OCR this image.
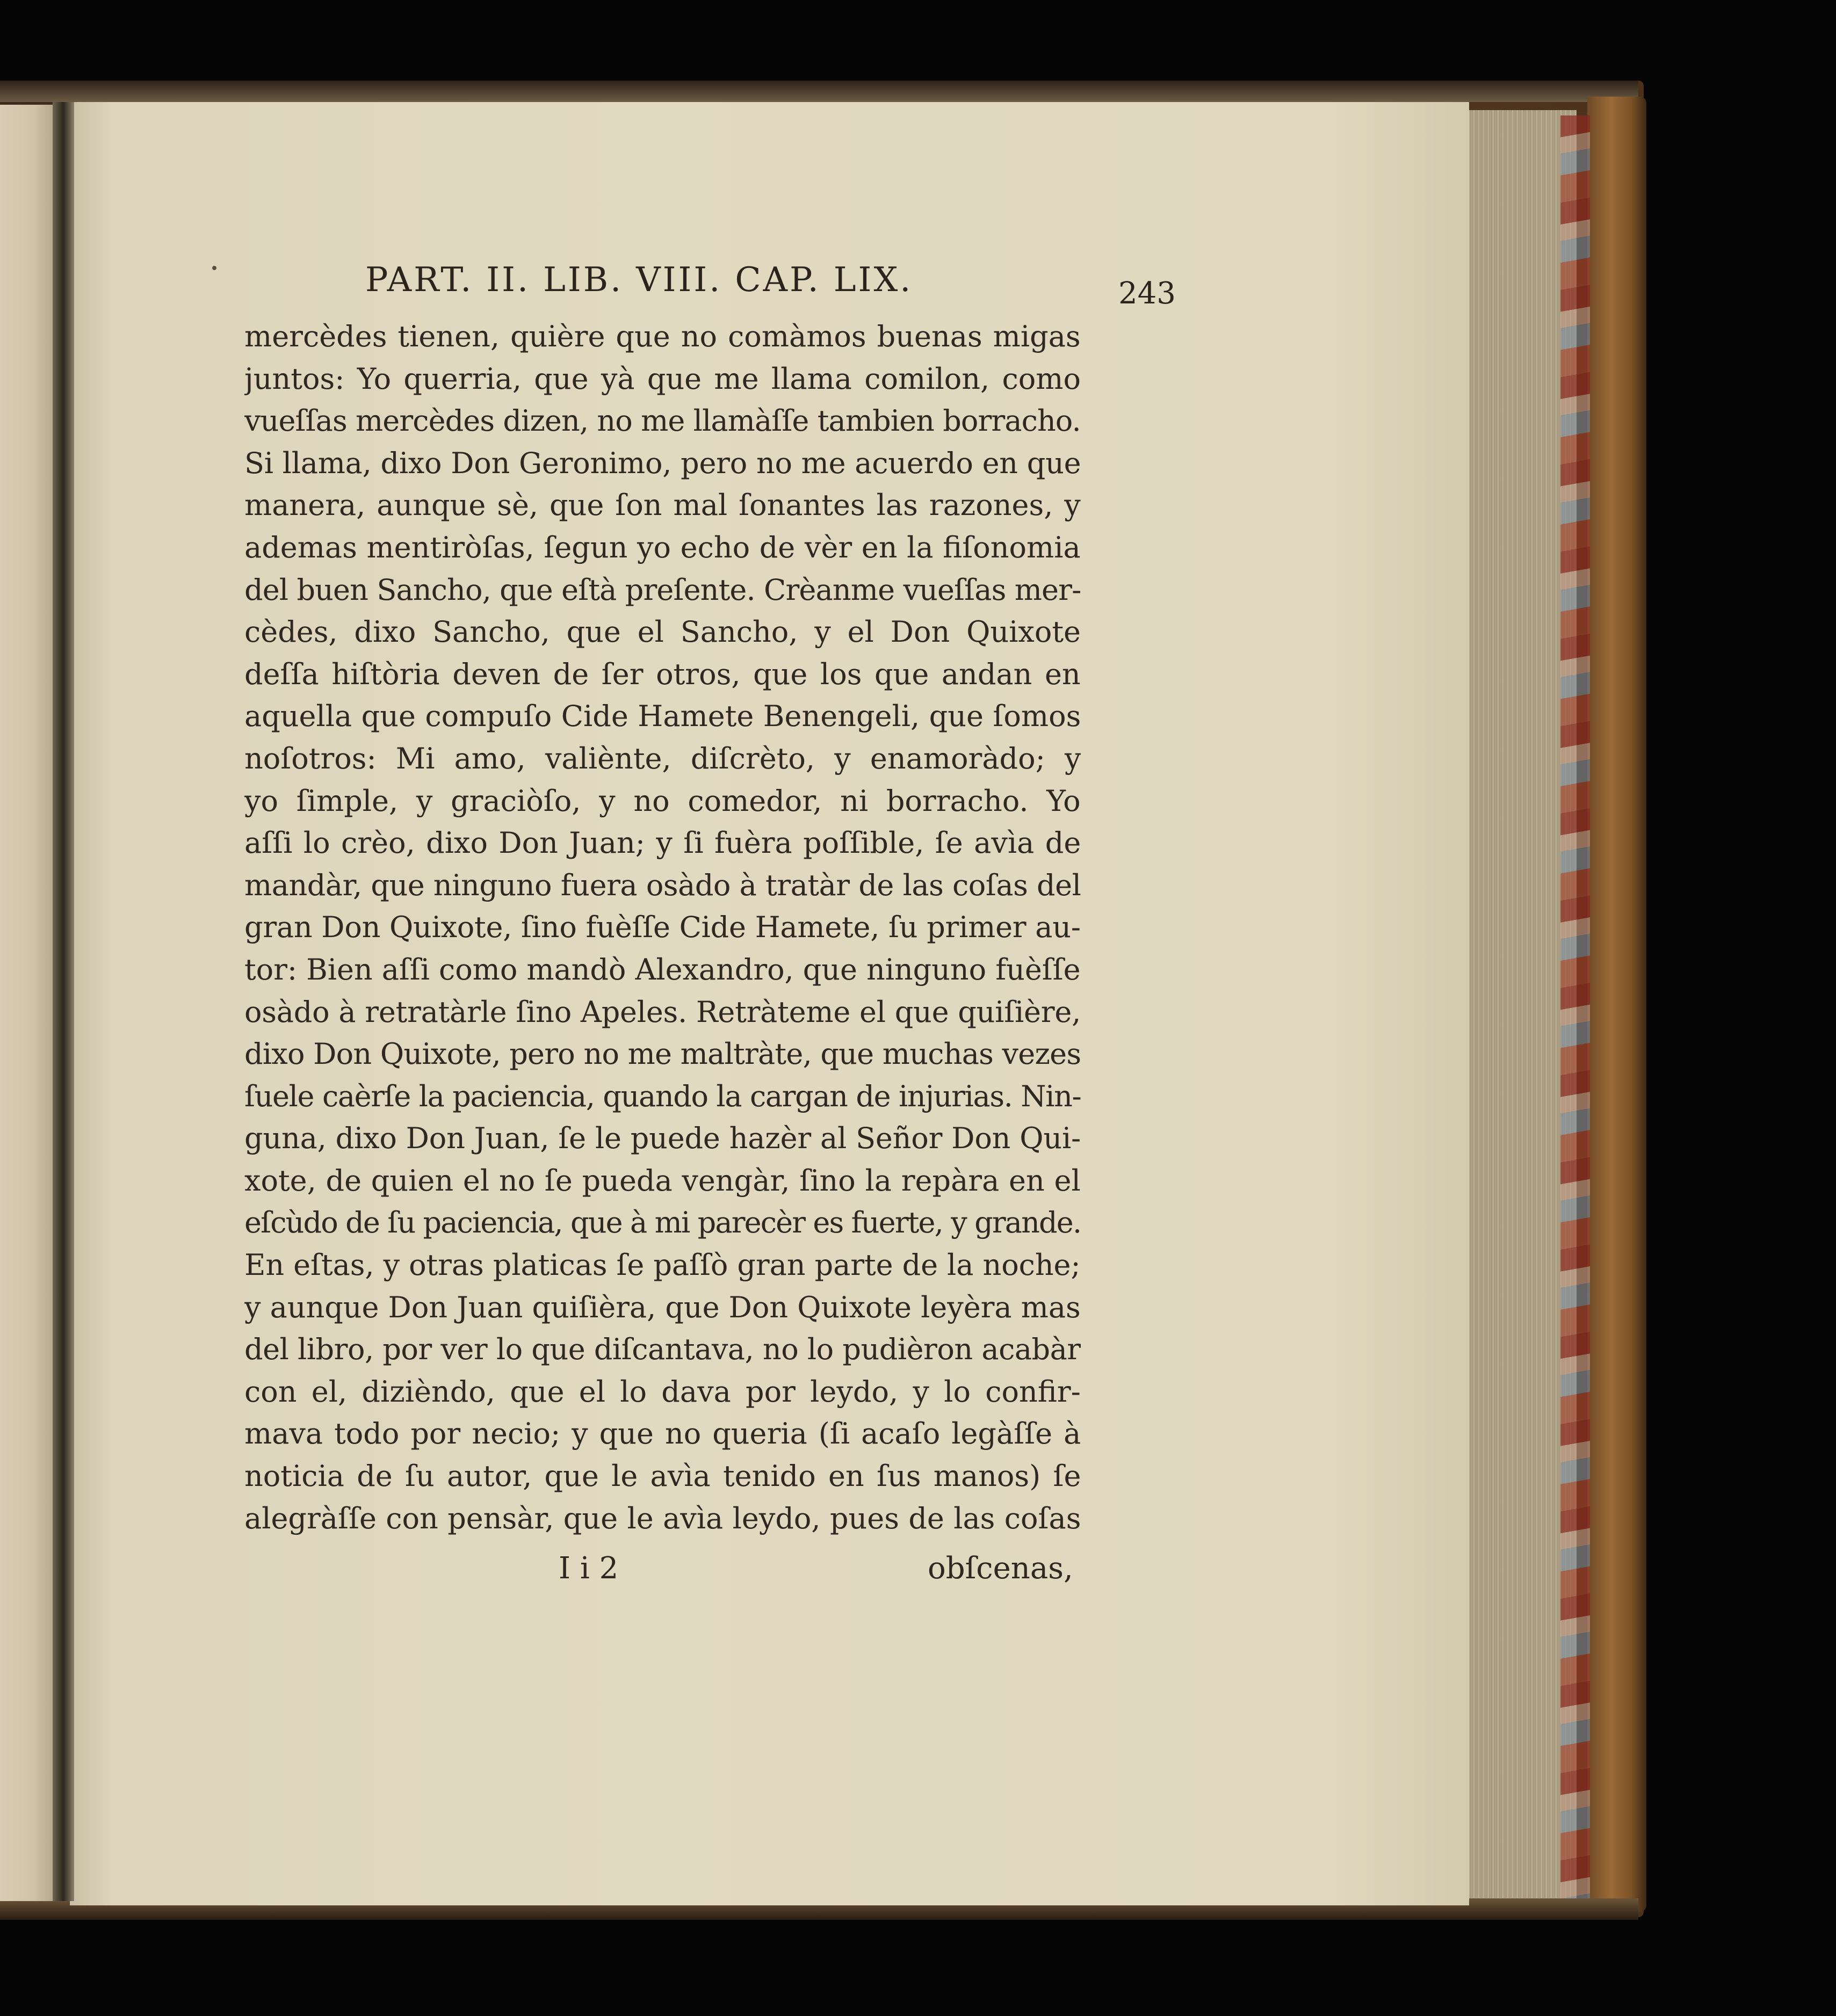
PART. II. LIB. VIII. CAP. LIX.	243
mercèdes tienen, quière que no comàmos buenas migas
juntos: Yo querria, que yà que me llama comilon, como
vueſſas mercèdes dizen, no me llamàſſe tambien borracho.
Si llama, dixo Don Geronimo, pero no me acuerdo en que
manera, aunque sè, que ſon mal ſonantes las razones, y
ademas mentiròſas, ſegun yo echo de vèr en la fiſonomia
del buen Sancho, que eſtà preſente. Crèanme vueſſas mer-
cèdes, dixo Sancho, que el Sancho, y el Don Quixote
deſſa hiſtòria deven de ſer otros, que los que andan en
aquella que compuſo Cide Hamete Benengeli, que ſomos
noſotros: Mi amo, valiènte, diſcrèto, y enamoràdo; y
yo ſimple, y graciòſo, y no comedor, ni borracho. Yo
aſſi lo crèo, dixo Don Juan; y ſi fuèra poſſible, ſe avìa de
mandàr, que ninguno fuera osàdo à tratàr de las coſas del
gran Don Quixote, ſino fuèſſe Cide Hamete, ſu primer au-
tor: Bien aſſi como mandò Alexandro, que ninguno fuèſſe
osàdo à retratàrle ſino Apeles. Retràteme el que quiſière,
dixo Don Quixote, pero no me maltràte, que muchas vezes
ſuele caèrſe la paciencia, quando la cargan de injurias. Nin-
guna, dixo Don Juan, ſe le puede hazèr al Señor Don Qui-
xote, de quien el no ſe pueda vengàr, ſino la repàra en el
eſcùdo de ſu paciencia, que à mi parecèr es fuerte, y grande.
En eſtas, y otras platicas ſe paſſò gran parte de la noche;
y aunque Don Juan quiſièra, que Don Quixote leyèra mas
del libro, por ver lo que diſcantava, no lo pudièron acabàr
con el, dizièndo, que el lo dava por leydo, y lo confir-
mava todo por necio; y que no queria (ſi acaſo legàſſe à
noticia de ſu autor, que le avìa tenido en ſus manos) ſe
alegràſſe con pensàr, que le avìa leydo, pues de las coſas
I i 2	obſcenas,
